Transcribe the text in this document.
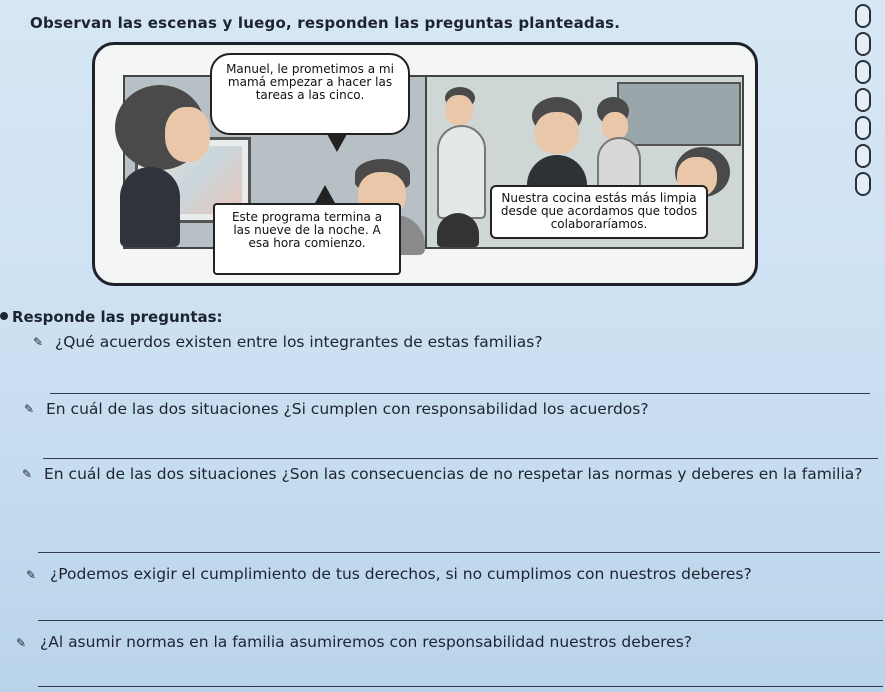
Observan las escenas y luego, responden las preguntas planteadas.
Manuel, le prometimos a mi mamá empezar a hacer las tareas a las cinco.
Este programa termina a las nueve de la noche. A esa hora comienzo.
Nuestra cocina estás más limpia desde que acordamos que todos colaboraríamos.
Responde las preguntas:
✎ ¿Qué acuerdos existen entre los integrantes de estas familias?
✎ En cuál de las dos situaciones ¿Si cumplen con responsabilidad los acuerdos?
✎ En cuál de las dos situaciones ¿Son las consecuencias de no respetar las normas y deberes en la familia?
✎ ¿Podemos exigir el cumplimiento de tus derechos, si no cumplimos con nuestros deberes?
✎ ¿Al asumir normas en la familia asumiremos con responsabilidad nuestros deberes?
